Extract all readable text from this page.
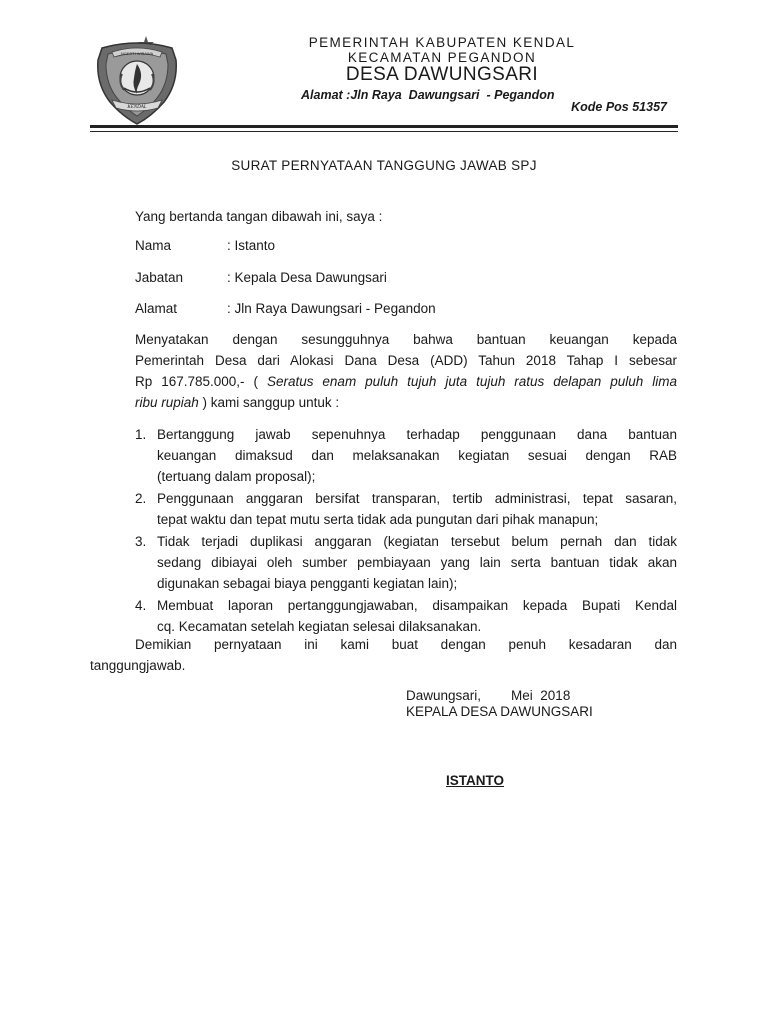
NGESTI WIBAWA
KENDAL
PEMERINTAH KABUPATEN KENDAL
KECAMATAN PEGANDON
DESA DAWUNGSARI
Alamat :Jln Raya  Dawungsari  - Pegandon
Kode Pos 51357
SURAT PERNYATAAN TANGGUNG JAWAB SPJ
Yang bertanda tangan dibawah ini, saya :
Nama	: Istanto
Jabatan	: Kepala Desa Dawungsari
Alamat	: Jln Raya Dawungsari - Pegandon
Menyatakan dengan sesungguhnya bahwa bantuan keuangan kepada
Pemerintah Desa dari Alokasi Dana Desa (ADD) Tahun 2018 Tahap I sebesar
Rp 167.785.000,- ( Seratus enam puluh tujuh juta tujuh ratus delapan puluh lima
ribu rupiah ) kami sanggup untuk :
1. Bertanggung jawab sepenuhnya terhadap penggunaan dana bantuan
keuangan dimaksud dan melaksanakan kegiatan sesuai dengan RAB
(tertuang dalam proposal);
2. Penggunaan anggaran bersifat transparan, tertib administrasi, tepat sasaran,
tepat waktu dan tepat mutu serta tidak ada pungutan dari pihak manapun;
3. Tidak terjadi duplikasi anggaran (kegiatan tersebut belum pernah dan tidak
sedang dibiayai oleh sumber pembiayaan yang lain serta bantuan tidak akan
digunakan sebagai biaya pengganti kegiatan lain);
4. Membuat laporan pertanggungjawaban, disampaikan kepada Bupati Kendal
cq. Kecamatan setelah kegiatan selesai dilaksanakan.
Demikian pernyataan ini kami buat dengan penuh kesadaran dan
tanggungjawab.
Dawungsari,        Mei  2018
KEPALA DESA DAWUNGSARI
ISTANTO
